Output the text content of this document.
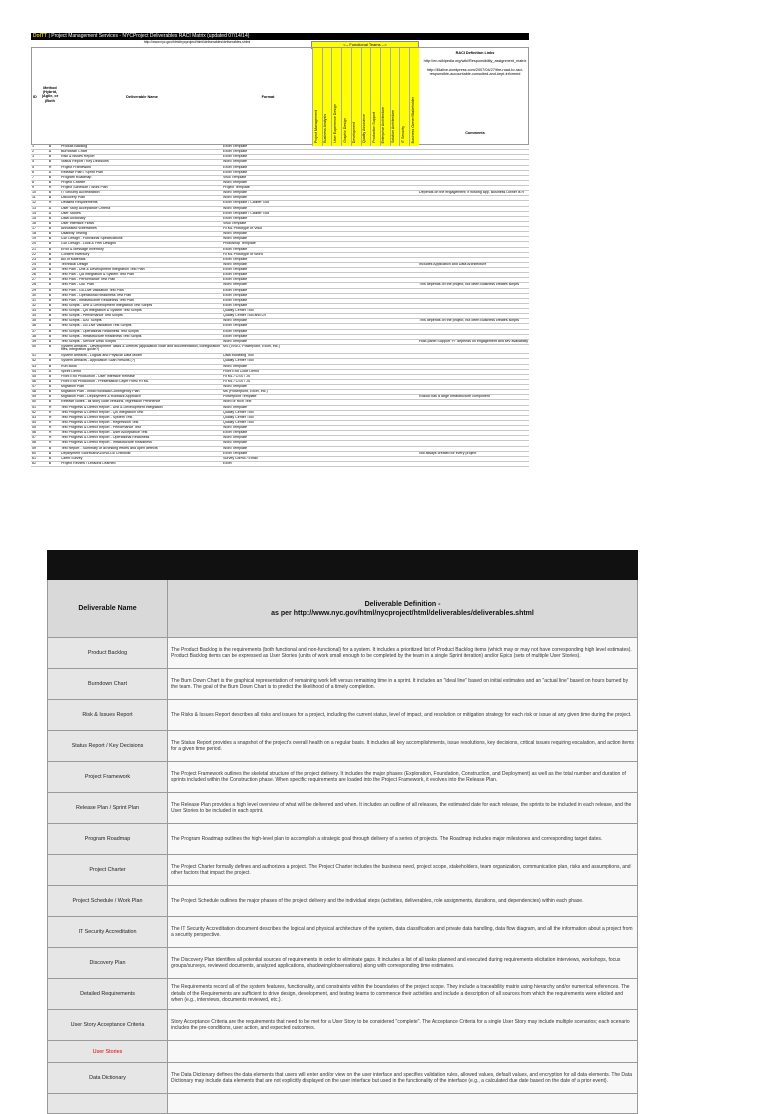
DoITT | Project Management Services - NYCProject Deliverables RACI Matrix (updated 07/14/14)
http://www.nyc.gov/html/nycproject/html/deliverables/deliverables.shtml	<-- Functional Teams -->
ID
Method (Hybrid, (Agile, or (Both
Deliverable Name	Format
Project Management Business Analysis User Experience Design Graphic Design Development Quality Assurance Production Support Enterprise Architecture Solution Architecture IT Security Business Owner/Stakeholder
RACI Definition Links
http://en.wikipedia.org/wiki/Responsibility_assignment_matrix
http://4llalive.wordpress.com/2007/04/27/the-road-to-raci-responsible-accountable-consulted-and-kept-informed
Comments
1	B	Product Backlog	Excel Template
2	A	Burndown Chart	Excel Template
3	B	Risk & Issues Report	Excel Template
4	B	Status Report / Key Decisions	Word Template
5	H	Project Framework	Excel Template
6	A	Release Plan / Sprint Plan	Excel Template
7	B	Program Roadmap	Visio Template
8	B	Project Charter	Word Template
9	H	Project Schedule / Work Plan	Project Template
10	B	IT Security Accreditation	Word Template	Depends on the engagement; if hosting app, Business Owner is R
11	B	Discovery Plan	Word Template
12	H	Detailed Requirements	Excel Template / Caliber Tool
13	A	User Story Acceptance Criteria	Word Template
14	A	User Stories	Excel Template / Caliber Tool
15	B	Data Dictionary	Excel Template
16	B	User Interface Flows	Visio Template
17	B	Annotated Wireframes	HTML Prototype or Visio
18	B	Usability Testing	Word Template
19	B	GUI Design - Functional Specifications	Word Template
20	B	GUI Design - Look & Feel Designs	Photoshop Template
21	B	Error & Message Inventory	Excel Template
22	B	Content Inventory	HTML Prototype or Word
23	B	Bill of Materials	Excel Template
24	B	Technical Design	Word Template	Includes Application and Data Architecture
25	B	Test Plan - Unit & Development Integration Test Plan	Excel Template
26	B	Test Plan - QA Integration & System Test Plan	Excel Template
27	B	Test Plan - Performance Test Plan	Excel Template
28	B	Test Plan - UAT Plan	Word Template	This depends on the project, but often Business creates scripts
29	B	Test Plan - Go-Live Validation Test Plan	Excel Template
30	B	Test Plan - Operational Readiness Test Plan	Excel Template
31	B	Test Plan - Infrastructure Readiness Test Plan	Excel Template
32	B	Test Scripts - Unit & Development Integration Test Scripts	Excel Template
33	B	Test Scripts - QA Integration & System Test Scripts	Quality Center Tool
34	B	Test Scripts - Performance Test Scripts	Quality Center Tool and LR
35	B	Test Scripts - UAT Scripts	Word Template	This depends on the project, but often Business creates scripts
36	B	Test Scripts - Go-Live Validation Test Scripts	Excel Template
37	B	Test Scripts - Operational Readiness Test Scripts	Excel Template
38	B	Test Scripts - Infrastructure Readiness Test Scripts	Excel Template
39	B	Test Scripts - Service Desk Scripts	Word Template	Hold-panel Support "R" depends on engagement and sev availability
40	B	System Artifacts - Development Tasks & Defects (application code and documentation, configuration files, integration guide?)
MS (VISIO, Powerpoint, Excel, etc.)
41	B	System Artifacts - Logical and Physical Data Model	Data Modeling Tool
42	B	System Artifacts - Application Scan Results (?)	Quality Center Tool
43	B	Run Book	Word Template
44	A	Sprint Demo	Front End Code Demo
45	B	Front End Production - User Interface Release	HTML / CSS / JS
46	B	Front End Production - Presentation Layer Files/ HTML	HTML / CSS / JS
47	B	Migration Plan	Word Template
48	B	Migration Plan - Initial Rollback/Contingency Plan	Ms (Powerpoint, Excel, etc.)
49	B	Migration Plan - Deployment & Rollback Approach	Powerpoint Template	Rollout has a large Infrastructure component
50	B	Release Notes - all story code versions, regression Pertinence	Word or Rich Text
51	H	Test Progress & Defect Report - Unit & Development Integration	Word Template
52	H	Test Progress & Defect Report - QA Integration Test	Quality Center Tool
53	H	Test Progress & Defect Report - System Test	Quality Center Tool
54	H	Test Progress & Defect Report - Regression Test	Quality Center Tool
55	H	Test Progress & Defect Report - Performance Test	Word Template
56	H	Test Progress & Defect Report - User Acceptance Test	Excel Template
57	H	Test Progress & Defect Report - Operational Readiness	Word Template
58	H	Test Progress & Defect Report - Infrastructure Readiness	Word Template
59	B	Test Report - Summary of all testing efforts and open defects	Word Template
60	B	Deployment Scorecard/Go/No-Go Checklist	Excel Template	Not always created for every project
61	B	Client Survey	Survey Gizmo / Email
62	B	Project Review / Lessons Learned	Excel

Deliverable Name	Deliverable Definition -
as per http://www.nyc.gov/html/nycproject/html/deliverables/deliverables.shtml
Product Backlog	The Product Backlog is the requirements (both functional and non-functional) for a system. It includes a prioritized list of Product Backlog items (which may or may not have corresponding high level estimates). Product Backlog items can be expressed as User Stories (units of work small enough to be completed by the team in a single Sprint iteration) and/or Epics (sets of multiple User Stories).
Burndown Chart	The Burn Down Chart is the graphical representation of remaining work left versus remaining time in a sprint. It includes an "ideal line" based on initial estimates and an "actual line" based on hours burned by the team. The goal of the Burn Down Chart is to predict the likelihood of a timely completion.
Risk & Issues Report	The Risks & Issues Report describes all risks and issues for a project, including the current status, level of impact, and resolution or mitigation strategy for each risk or issue at any given time during the project.
Status Report / Key Decisions	The Status Report provides a snapshot of the project's overall health on a regular basis. It includes all key accomplishments, issue resolutions, key decisions, critical issues requiring escalation, and action items for a given time period.
Project Framework	The Project Framework outlines the skeletal structure of the project delivery. It includes the major phases (Exploration, Foundation, Construction, and Deployment) as well as the total number and duration of sprints included within the Construction phase. When specific requirements are loaded into the Project Framework, it evolves into the Release Plan.
Release Plan / Sprint Plan	The Release Plan provides a high level overview of what will be delivered and when. It includes an outline of all releases, the estimated date for each release, the sprints to be included in each release, and the User Stories to be included in each sprint.
Program Roadmap	The Program Roadmap outlines the high-level plan to accomplish a strategic goal through delivery of a series of projects. The Roadmap includes major milestones and corresponding target dates.
Project Charter	The Project Charter formally defines and authorizes a project. The Project Charter includes the business need, project scope, stakeholders, team organization, communication plan, risks and assumptions, and other factors that impact the project.
Project Schedule / Work Plan	The Project Schedule outlines the major phases of the project delivery and the individual steps (activities, deliverables, role assignments, durations, and dependencies) within each phase.
IT Security Accreditation	The IT Security Accreditation document describes the logical and physical architecture of the system, data classification and private data handling, data flow diagram, and all the information about a project from a security perspective.
Discovery Plan	The Discovery Plan identifies all potential sources of requirements in order to eliminate gaps. It includes a list of all tasks planned and executed during requirements elicitation interviews, workshops, focus groups/surveys, reviewed documents, analyzed applications, shadowing/observations) along with corresponding time estimates.
Detailed Requirements	The Requirements record all of the system features, functionality, and constraints within the boundaries of the project scope. They include a traceability matrix using hierarchy and/or numerical references. The details of the Requirements are sufficient to drive design, development, and testing teams to commence their activities and include a description of all sources from which the requirements were elicited and when (e.g., interviews, documents reviewed, etc.).
User Story Acceptance Criteria	Story Acceptance Criteria are the requirements that need to be met for a User Story to be considered "complete". The Acceptance Criteria for a single User Story may include multiple scenarios; each scenario includes the pre-conditions, user action, and expected outcomes.
User Stories	
Data Dictionary	The Data Dictionary defines the data elements that users will enter and/or view on the user interface and specifies validation rules, allowed values, default values, and encryption for all data elements. The Data Dictionary may include data elements that are not explicitly displayed on the user interface but used in the functionality of the interface (e.g., a calculated due date based on the date of a prior event).
